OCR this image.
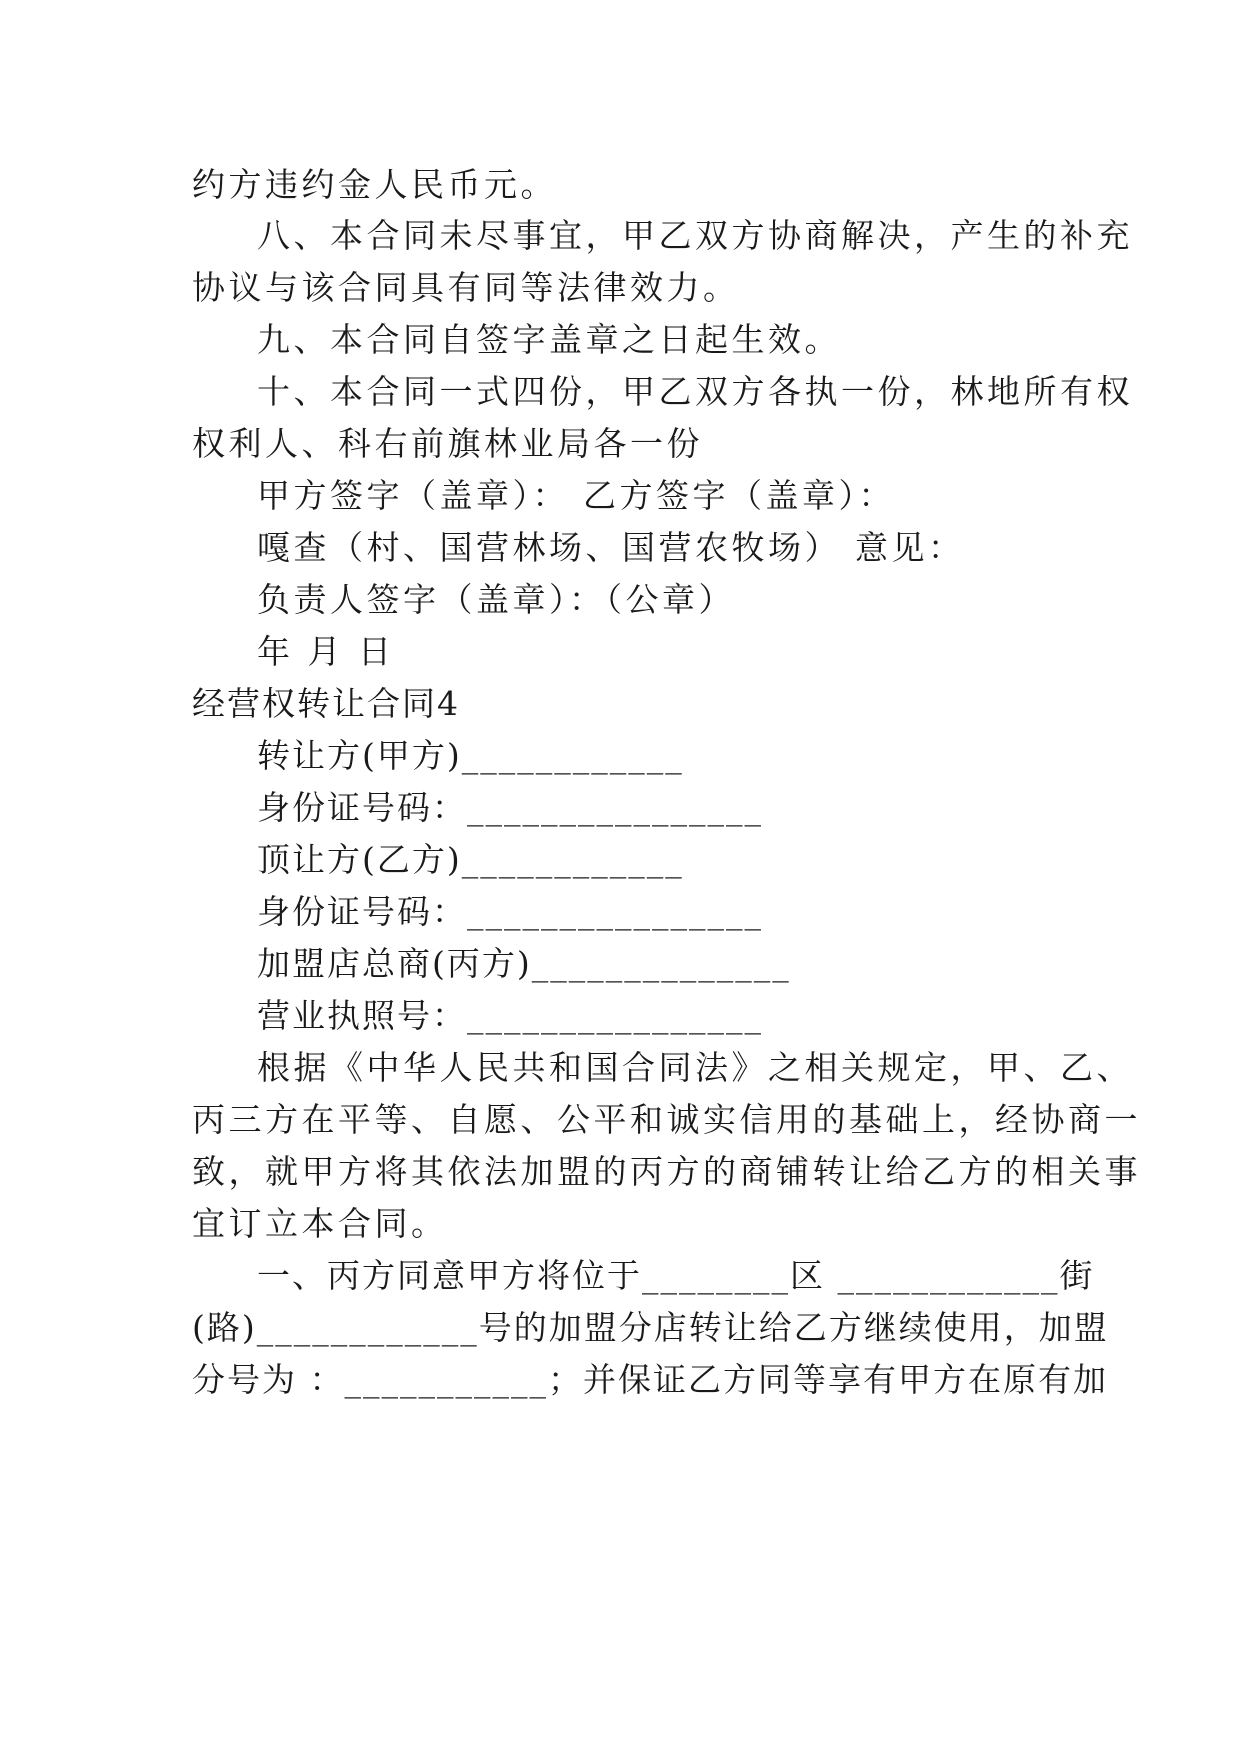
约方违约金人民币元。
八、本合同未尽事宜，甲乙双方协商解决，产生的补充
协议与该合同具有同等法律效力。
九、本合同自签字盖章之日起生效。
十、本合同一式四份，甲乙双方各执一份，林地所有权
权利人、科右前旗林业局各一份
甲方签字（盖章）： 乙方签字（盖章）：
嘎查（村、国营林场、国营农牧场） 意见：
负责人签字（盖章）：（公章）
年 月 日
经营权转让合同4
转让方(甲方)____________
身份证号码：________________
顶让方(乙方)____________
身份证号码：________________
加盟店总商(丙方)______________
营业执照号：________________
根据《中华人民共和国合同法》之相关规定，甲、乙、
丙三方在平等、自愿、公平和诚实信用的基础上，经协商一
致，就甲方将其依法加盟的丙方的商铺转让给乙方的相关事
宜订立本合同。
一、丙方同意甲方将位于________区 ____________街
(路)____________号的加盟分店转让给乙方继续使用，加盟
分号为 ：___________；并保证乙方同等享有甲方在原有加
